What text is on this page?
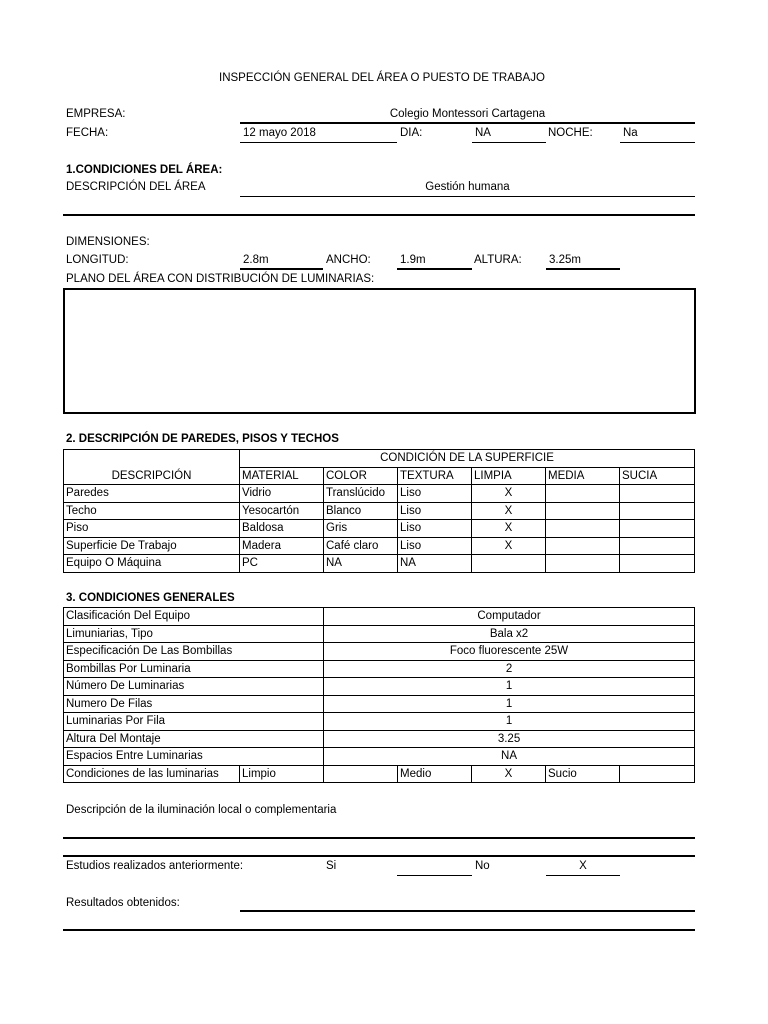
INSPECCIÓN GENERAL DEL ÁREA O PUESTO DE TRABAJO
EMPRESA:	Colegio Montessori Cartagena
FECHA:	12 mayo 2018	DIA:	NA	NOCHE:	Na
1.CONDICIONES DEL ÁREA:
DESCRIPCIÓN DEL ÁREA	Gestión humana
DIMENSIONES:
LONGITUD:	2.8m	ANCHO:	1.9m	ALTURA: 3.25m
PLANO DEL ÁREA CON DISTRIBUCIÓN DE LUMINARIAS:
2. DESCRIPCIÓN DE PAREDES, PISOS Y TECHOS
DESCRIPCIÓN	CONDICIÓN DE LA SUPERFICIE					
	MATERIAL	COLOR	TEXTURA	LIMPIA	MEDIA	SUCIA
Paredes	Vidrio	Translúcido	Liso	X		
Techo	Yesocartón	Blanco	Liso	X		
Piso	Baldosa	Gris	Liso	X		
Superficie De Trabajo	Madera	Café claro	Liso	X		
Equipo O Máquina	PC	NA	NA			
3. CONDICIONES GENERALES
Clasificación Del Equipo		Computador				
Limuniarias, Tipo		Bala x2				
Especificación De Las Bombillas		Foco fluorescente 25W				
Bombillas Por Luminaria		2				
Número De Luminarias		1				
Numero De Filas		1				
Luminarias Por Fila		1				
Altura Del Montaje		3.25				
Espacios Entre Luminarias		NA				
Condiciones de las luminarias	Limpio		Medio	X	Sucio	
Descripción de la iluminación local o complementaria
Estudios realizados anteriormente:	Si	No	X
Resultados obtenidos:
